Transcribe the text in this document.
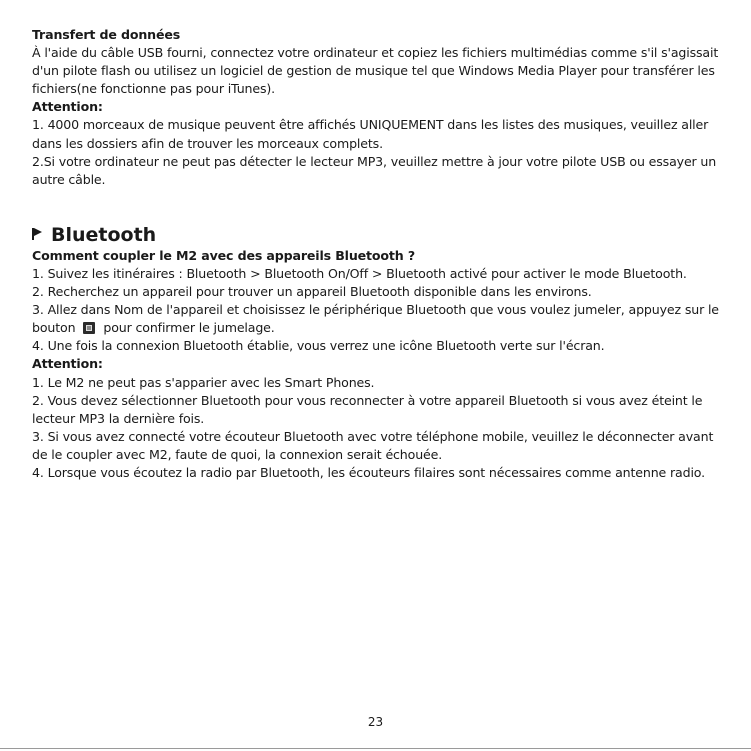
Transfert de données

À l'aide du câble USB fourni, connectez votre ordinateur et copiez les fichiers multimédias comme s'il s'agissait d'un pilote flash ou utilisez un logiciel de gestion de musique tel que Windows Media Player pour transférer les fichiers(ne fonctionne pas pour iTunes).

Attention:

1. 4000 morceaux de musique peuvent être affichés UNIQUEMENT dans les listes des musiques, veuillez aller dans les dossiers afin de trouver les morceaux complets.

2.Si votre ordinateur ne peut pas détecter le lecteur MP3, veuillez mettre à jour votre pilote USB ou essayer un autre câble.

Bluetooth

Comment coupler le M2 avec des appareils Bluetooth ?

1. Suivez les itinéraires : Bluetooth > Bluetooth On/Off > Bluetooth activé pour activer le mode Bluetooth.

2. Recherchez un appareil pour trouver un appareil Bluetooth disponible dans les environs.

3. Allez dans Nom de l'appareil et choisissez le périphérique Bluetooth que vous voulez jumeler, appuyez sur le bouton pour confirmer le jumelage.

4. Une fois la connexion Bluetooth établie, vous verrez une icône Bluetooth verte sur l'écran.

Attention:

1. Le M2 ne peut pas s'apparier avec les Smart Phones.

2. Vous devez sélectionner Bluetooth pour vous reconnecter à votre appareil Bluetooth si vous avez éteint le lecteur MP3 la dernière fois.

3. Si vous avez connecté votre écouteur Bluetooth avec votre téléphone mobile, veuillez le déconnecter avant de le coupler avec M2, faute de quoi, la connexion serait échouée.

4. Lorsque vous écoutez la radio par Bluetooth, les écouteurs filaires sont nécessaires comme antenne radio.

23
